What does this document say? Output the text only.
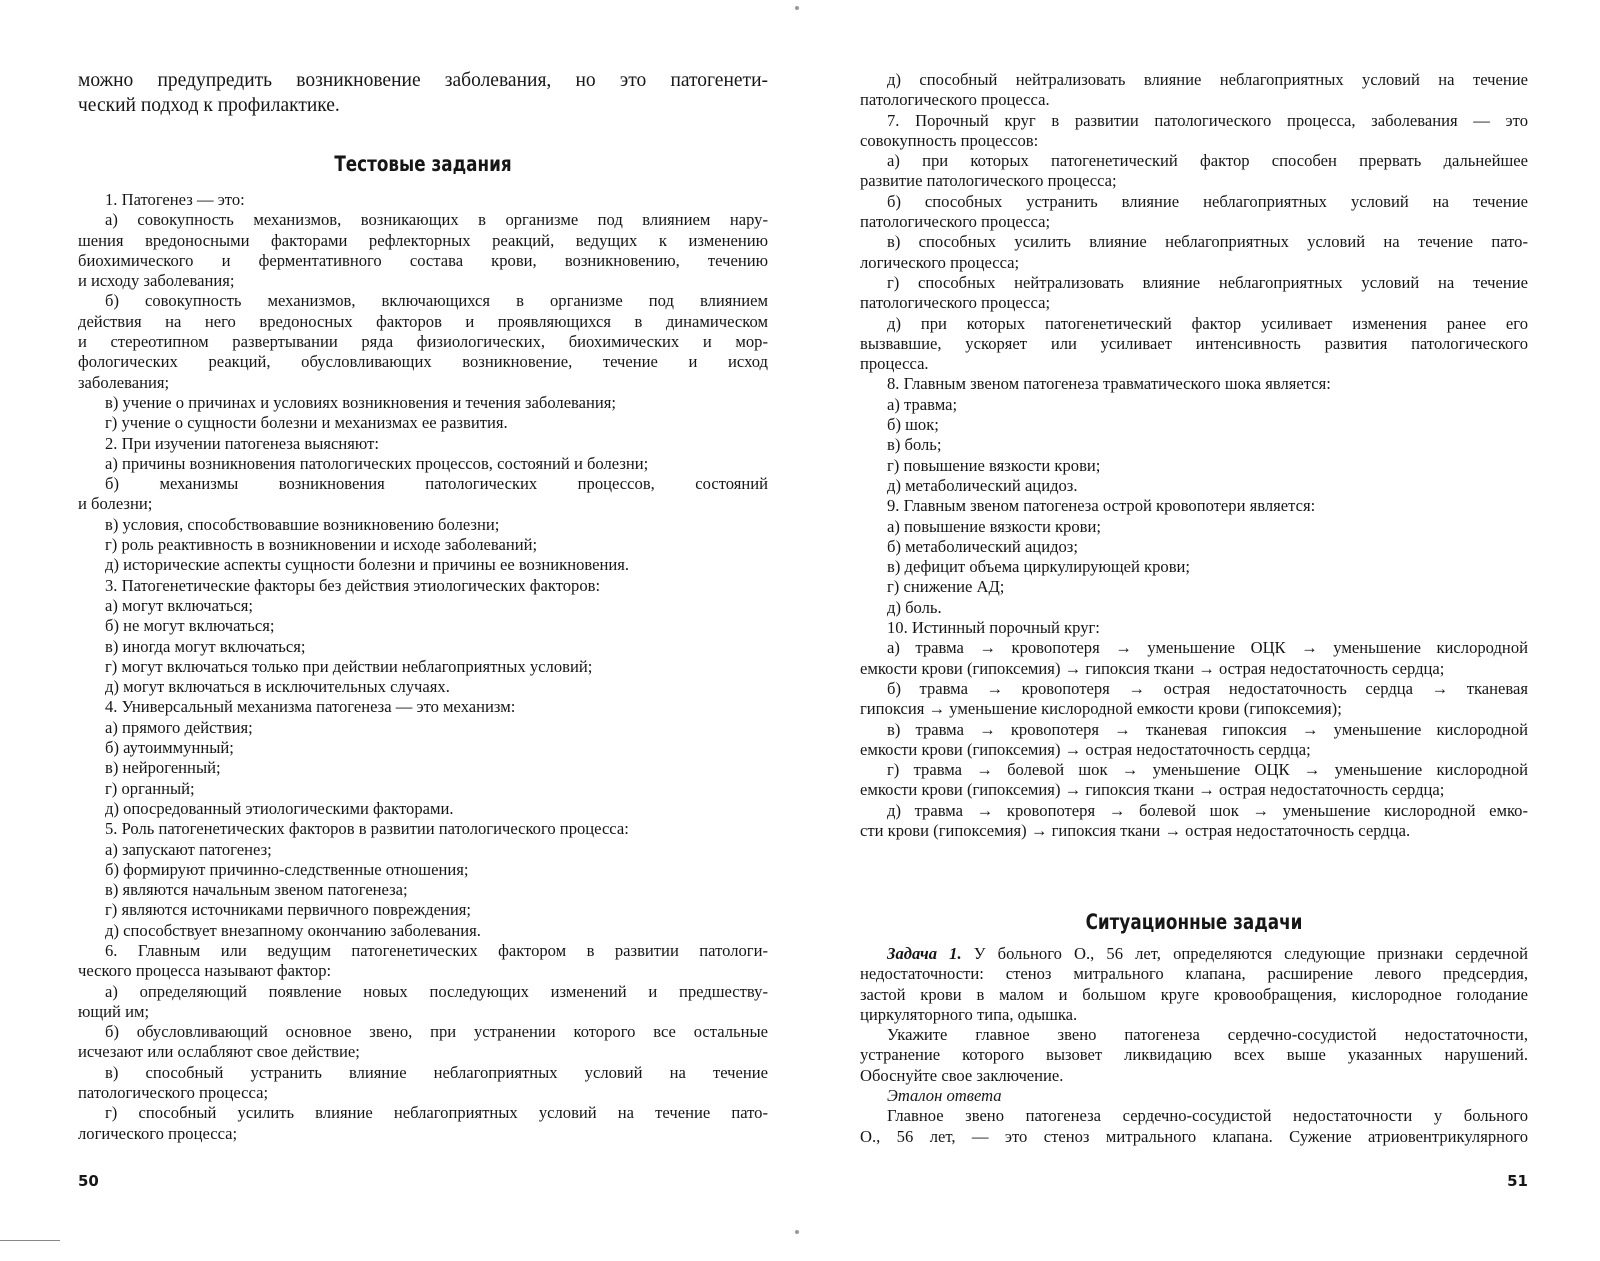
можно предупредить возникновение заболевания, но это патогенети-
ческий подход к профилактике.
Тестовые задания
1. Патогенез — это:
а) совокупность механизмов, возникающих в организме под влиянием нару-
шения вредоносными факторами рефлекторных реакций, ведущих к изменению
биохимического и ферментативного состава крови, возникновению, течению
и исходу заболевания;
б) совокупность механизмов, включающихся в организме под влиянием
действия на него вредоносных факторов и проявляющихся в динамическом
и стереотипном развертывании ряда физиологических, биохимических и мор-
фологических реакций, обусловливающих возникновение, течение и исход
заболевания;
в) учение о причинах и условиях возникновения и течения заболевания;
г) учение о сущности болезни и механизмах ее развития.
2. При изучении патогенеза выясняют:
а) причины возникновения патологических процессов, состояний и болезни;
б) механизмы возникновения патологических процессов, состояний
и болезни;
в) условия, способствовавшие возникновению болезни;
г) роль реактивность в возникновении и исходе заболеваний;
д) исторические аспекты сущности болезни и причины ее возникновения.
3. Патогенетические факторы без действия этиологических факторов:
а) могут включаться;
б) не могут включаться;
в) иногда могут включаться;
г) могут включаться только при действии неблагоприятных условий;
д) могут включаться в исключительных случаях.
4. Универсальный механизма патогенеза — это механизм:
а) прямого действия;
б) аутоиммунный;
в) нейрогенный;
г) органный;
д) опосредованный этиологическими факторами.
5. Роль патогенетических факторов в развитии патологического процесса:
а) запускают патогенез;
б) формируют причинно-следственные отношения;
в) являются начальным звеном патогенеза;
г) являются источниками первичного повреждения;
д) способствует внезапному окончанию заболевания.
6. Главным или ведущим патогенетических фактором в развитии патологи-
ческого процесса называют фактор:
а) определяющий появление новых последующих изменений и предшеству-
ющий им;
б) обусловливающий основное звено, при устранении которого все остальные
исчезают или ослабляют свое действие;
в) способный устранить влияние неблагоприятных условий на течение
патологического процесса;
г) способный усилить влияние неблагоприятных условий на течение пато-
логического процесса;
50
д) способный нейтрализовать влияние неблагоприятных условий на течение
патологического процесса.
7. Порочный круг в развитии патологического процесса, заболевания — это
совокупность процессов:
а) при которых патогенетический фактор способен прервать дальнейшее
развитие патологического процесса;
б) способных устранить влияние неблагоприятных условий на течение
патологического процесса;
в) способных усилить влияние неблагоприятных условий на течение пато-
логического процесса;
г) способных нейтрализовать влияние неблагоприятных условий на течение
патологического процесса;
д) при которых патогенетический фактор усиливает изменения ранее его
вызвавшие, ускоряет или усиливает интенсивность развития патологического
процесса.
8. Главным звеном патогенеза травматического шока является:
а) травма;
б) шок;
в) боль;
г) повышение вязкости крови;
д) метаболический ацидоз.
9. Главным звеном патогенеза острой кровопотери является:
а) повышение вязкости крови;
б) метаболический ацидоз;
в) дефицит объема циркулирующей крови;
г) снижение АД;
д) боль.
10. Истинный порочный круг:
а) травма → кровопотеря → уменьшение ОЦК → уменьшение кислородной
емкости крови (гипоксемия) → гипоксия ткани → острая недостаточность сердца;
б) травма → кровопотеря → острая недостаточность сердца → тканевая
гипоксия → уменьшение кислородной емкости крови (гипоксемия);
в) травма → кровопотеря → тканевая гипоксия → уменьшение кислородной
емкости крови (гипоксемия) → острая недостаточность сердца;
г) травма → болевой шок → уменьшение ОЦК → уменьшение кислородной
емкости крови (гипоксемия) → гипоксия ткани → острая недостаточность сердца;
д) травма → кровопотеря → болевой шок → уменьшение кислородной емко-
сти крови (гипоксемия) → гипоксия ткани → острая недостаточность сердца.
Ситуационные задачи
Задача 1. У больного О., 56 лет, определяются следующие признаки сердечной
недостаточности: стеноз митрального клапана, расширение левого предсердия,
застой крови в малом и большом круге кровообращения, кислородное голодание
циркуляторного типа, одышка.
Укажите главное звено патогенеза сердечно-сосудистой недостаточности,
устранение которого вызовет ликвидацию всех выше указанных нарушений.
Обоснуйте свое заключение.
Эталон ответа
Главное звено патогенеза сердечно-сосудистой недостаточности у больного
О., 56 лет, — это стеноз митрального клапана. Сужение атриовентрикулярного
51
